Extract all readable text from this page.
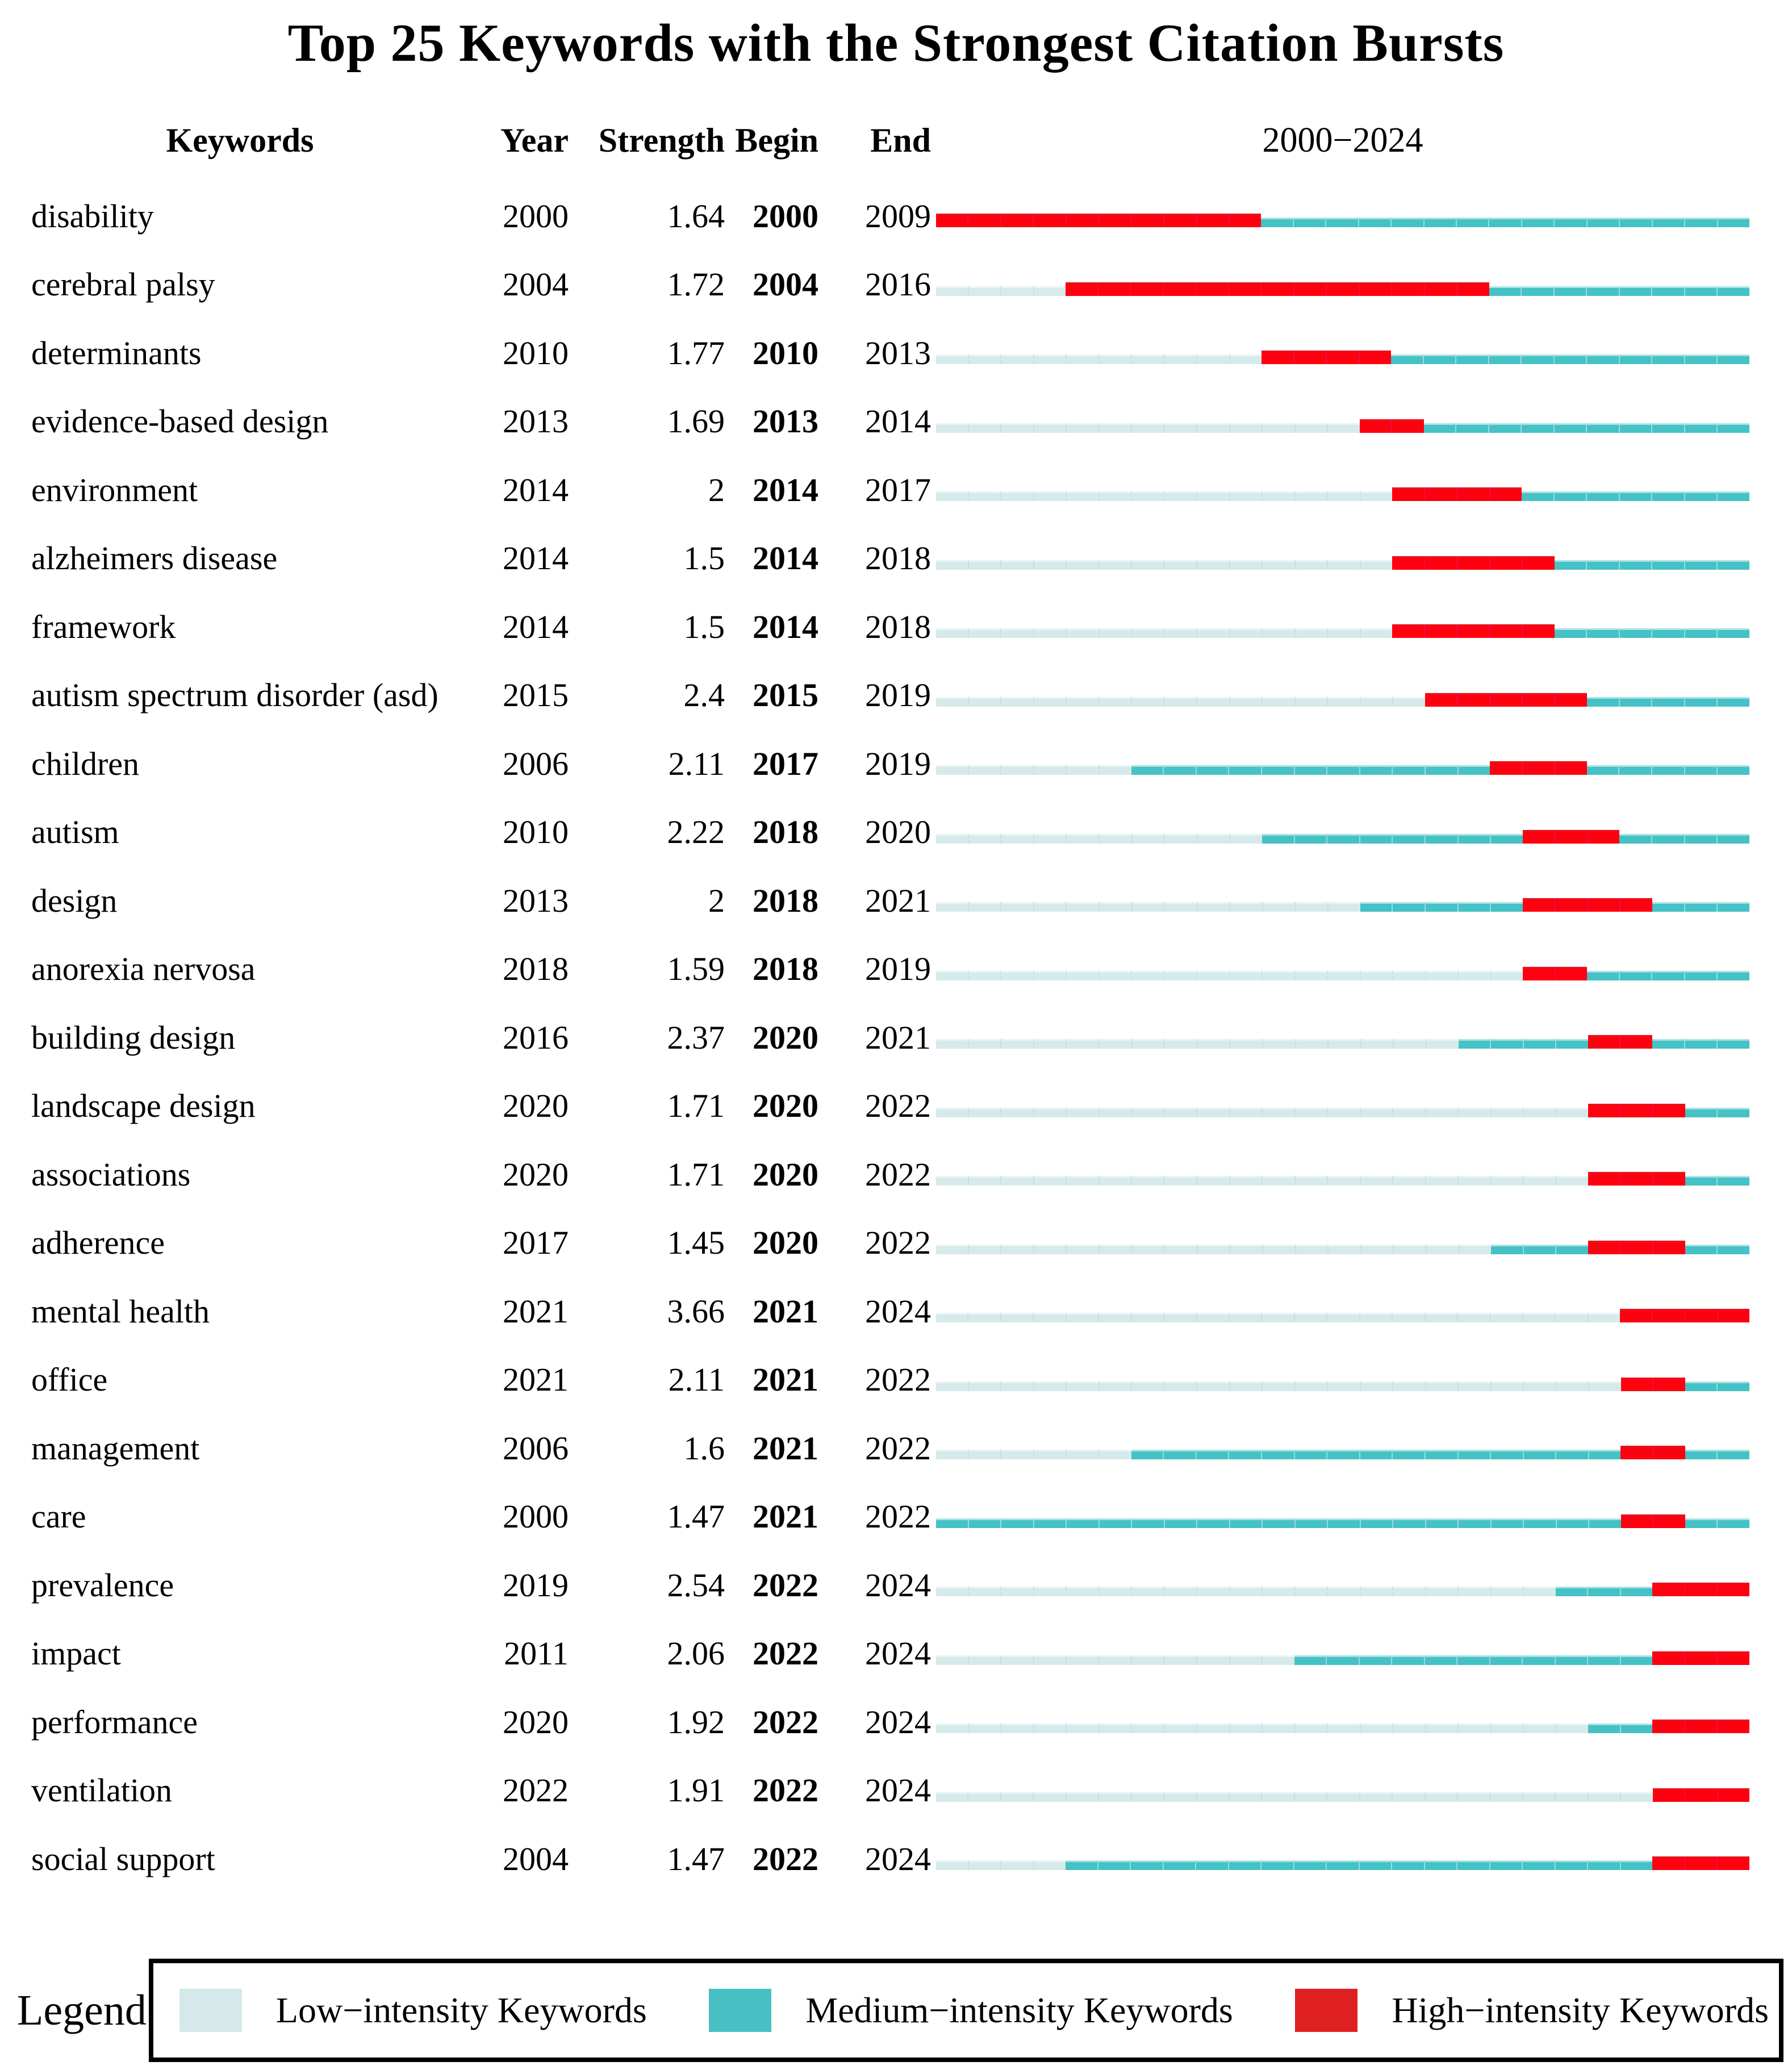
Top 25 Keywords with the Strongest Citation Bursts
Keywords	Year Strength Begin	End	2000−2024
disability	2000	1.64 2000	2009
cerebral palsy	2004	1.72 2004	2016
determinants	2010	1.77 2010	2013
evidence-based design	2013	1.69 2013	2014
environment	2014	2 2014	2017
alzheimers disease	2014	1.5 2014	2018
framework	2014	1.5 2014	2018
autism spectrum disorder (asd)	2015	2.4 2015	2019
children	2006	2.11 2017	2019
autism	2010	2.22 2018	2020
design	2013	2 2018	2021
anorexia nervosa	2018	1.59 2018	2019
building design	2016	2.37 2020	2021
landscape design	2020	1.71 2020	2022
associations	2020	1.71 2020	2022
adherence	2017	1.45 2020	2022
mental health	2021	3.66 2021	2024
office	2021	2.11 2021	2022
management	2006	1.6 2021	2022
care	2000	1.47 2021	2022
prevalence	2019	2.54 2022	2024
impact	2011	2.06 2022	2024
performance	2020	1.92 2022	2024
ventilation	2022	1.91 2022	2024
social support	2004	1.47 2022	2024
Legend	Low−intensity Keywords	Medium−intensity Keywords	High−intensity Keywords
